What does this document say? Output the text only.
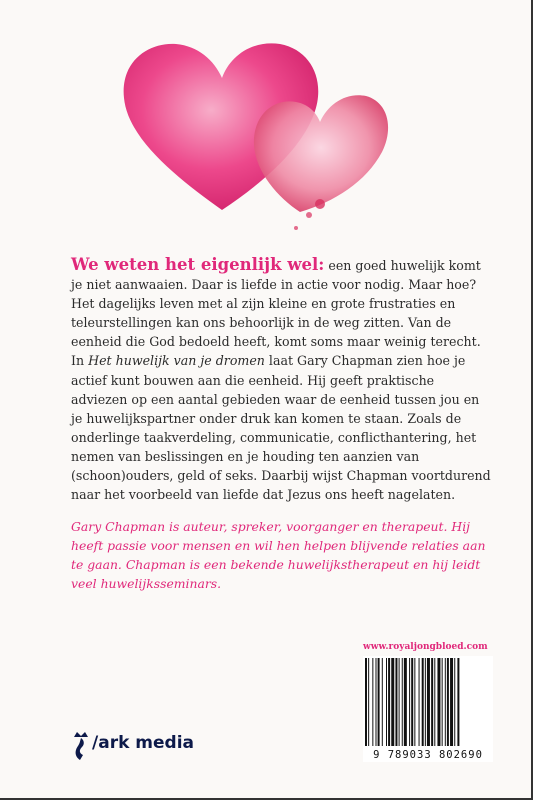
We weten het eigenlijk wel: een goed huwelijk komt je niet aanwaaien. Daar is liefde in actie voor nodig. Maar hoe? Het dagelijks leven met al zijn kleine en grote frustraties en teleurstellingen kan ons behoorlijk in de weg zitten. Van de eenheid die God bedoeld heeft, komt soms maar weinig terecht.

In Het huwelijk van je dromen laat Gary Chapman zien hoe je actief kunt bouwen aan die eenheid. Hij geeft praktische adviezen op een aantal gebieden waar de eenheid tussen jou en je huwelijkspartner onder druk kan komen te staan. Zoals de onderlinge taakverdeling, communicatie, conflicthantering, het nemen van beslissingen en je houding ten aanzien van (schoon)ouders, geld of seks. Daarbij wijst Chapman voortdurend naar het voorbeeld van liefde dat Jezus ons heeft nagelaten.

Gary Chapman is auteur, spreker, voorganger en therapeut. Hij heeft passie voor mensen en wil hen helpen blijvende relaties aan te gaan. Chapman is een bekende huwelijkstherapeut en hij leidt veel huwelijksseminars.

www.royaljongbloed.com
9 789033 802690
/ark media
